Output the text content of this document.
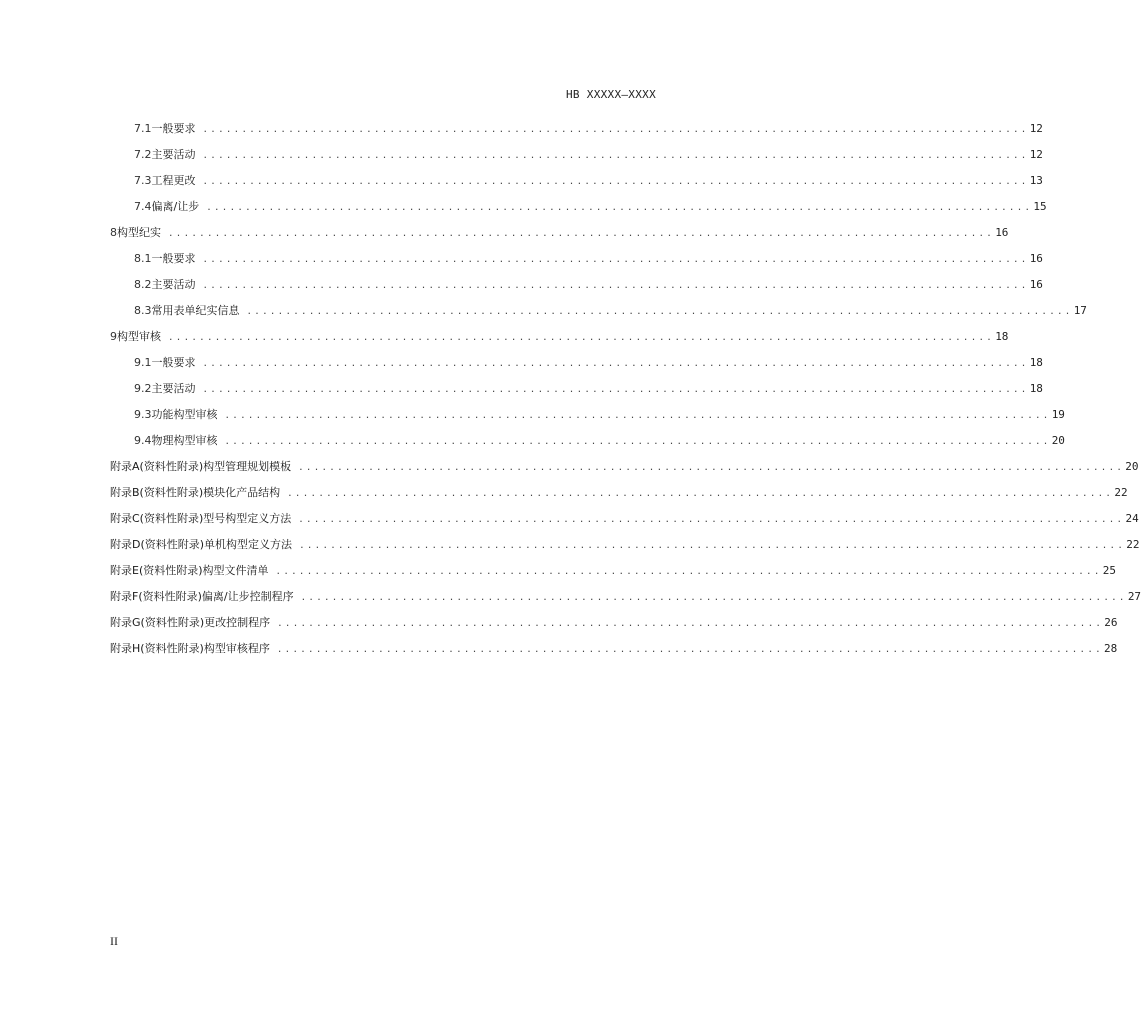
HB XXXXX—XXXX
7.1 一般要求 . . . . . . . . . . . . . . . . . . . . . . . . . . . . . . . . . . . . . . . . . . . . . . . . . . . . . . . . . . . . . . . . . . . . . . . . . . . . . . . . . . . . . . . . . . . . . . . . . . . . . . . . . . 12
7.2 主要活动 . . . . . . . . . . . . . . . . . . . . . . . . . . . . . . . . . . . . . . . . . . . . . . . . . . . . . . . . . . . . . . . . . . . . . . . . . . . . . . . . . . . . . . . . . . . . . . . . . . . . . . . . . . 12
7.3 工程更改 . . . . . . . . . . . . . . . . . . . . . . . . . . . . . . . . . . . . . . . . . . . . . . . . . . . . . . . . . . . . . . . . . . . . . . . . . . . . . . . . . . . . . . . . . . . . . . . . . . . . . . . . . . 13
7.4 偏离/让步 . . . . . . . . . . . . . . . . . . . . . . . . . . . . . . . . . . . . . . . . . . . . . . . . . . . . . . . . . . . . . . . . . . . . . . . . . . . . . . . . . . . . . . . . . . . . . . . . . . . . . . . . . . 15
8 构型纪实 . . . . . . . . . . . . . . . . . . . . . . . . . . . . . . . . . . . . . . . . . . . . . . . . . . . . . . . . . . . . . . . . . . . . . . . . . . . . . . . . . . . . . . . . . . . . . . . . . . . . . . . . . . 16
8.1 一般要求 . . . . . . . . . . . . . . . . . . . . . . . . . . . . . . . . . . . . . . . . . . . . . . . . . . . . . . . . . . . . . . . . . . . . . . . . . . . . . . . . . . . . . . . . . . . . . . . . . . . . . . . . . . 16
8.2 主要活动 . . . . . . . . . . . . . . . . . . . . . . . . . . . . . . . . . . . . . . . . . . . . . . . . . . . . . . . . . . . . . . . . . . . . . . . . . . . . . . . . . . . . . . . . . . . . . . . . . . . . . . . . . . 16
8.3 常用表单纪实信息 . . . . . . . . . . . . . . . . . . . . . . . . . . . . . . . . . . . . . . . . . . . . . . . . . . . . . . . . . . . . . . . . . . . . . . . . . . . . . . . . . . . . . . . . . . . . . . . . . . . . . . . . . . 17
9 构型审核 . . . . . . . . . . . . . . . . . . . . . . . . . . . . . . . . . . . . . . . . . . . . . . . . . . . . . . . . . . . . . . . . . . . . . . . . . . . . . . . . . . . . . . . . . . . . . . . . . . . . . . . . . . 18
9.1 一般要求 . . . . . . . . . . . . . . . . . . . . . . . . . . . . . . . . . . . . . . . . . . . . . . . . . . . . . . . . . . . . . . . . . . . . . . . . . . . . . . . . . . . . . . . . . . . . . . . . . . . . . . . . . . 18
9.2 主要活动 . . . . . . . . . . . . . . . . . . . . . . . . . . . . . . . . . . . . . . . . . . . . . . . . . . . . . . . . . . . . . . . . . . . . . . . . . . . . . . . . . . . . . . . . . . . . . . . . . . . . . . . . . . 18
9.3 功能构型审核 . . . . . . . . . . . . . . . . . . . . . . . . . . . . . . . . . . . . . . . . . . . . . . . . . . . . . . . . . . . . . . . . . . . . . . . . . . . . . . . . . . . . . . . . . . . . . . . . . . . . . . . . . . 19
9.4 物理构型审核 . . . . . . . . . . . . . . . . . . . . . . . . . . . . . . . . . . . . . . . . . . . . . . . . . . . . . . . . . . . . . . . . . . . . . . . . . . . . . . . . . . . . . . . . . . . . . . . . . . . . . . . . . . 20
附录A(资料性附录)构型管理规划模板 . . . . . . . . . . . . . . . . . . . . . . . . . . . . . . . . . . . . . . . . . . . . . . . . . . . . . . . . . . . . . . . . . . . . . . . . . . . . . . . . . . . . . . . . . . . . . . . . . . . . . . . . . . 20
附录B(资料性附录)模块化产品结构 . . . . . . . . . . . . . . . . . . . . . . . . . . . . . . . . . . . . . . . . . . . . . . . . . . . . . . . . . . . . . . . . . . . . . . . . . . . . . . . . . . . . . . . . . . . . . . . . . . . . . . . . . . 22
附录C(资料性附录)型号构型定义方法 . . . . . . . . . . . . . . . . . . . . . . . . . . . . . . . . . . . . . . . . . . . . . . . . . . . . . . . . . . . . . . . . . . . . . . . . . . . . . . . . . . . . . . . . . . . . . . . . . . . . . . . . . . 24
附录D(资料性附录)单机构型定义方法 . . . . . . . . . . . . . . . . . . . . . . . . . . . . . . . . . . . . . . . . . . . . . . . . . . . . . . . . . . . . . . . . . . . . . . . . . . . . . . . . . . . . . . . . . . . . . . . . . . . . . . . . . . 22
附录E(资料性附录)构型文件清单 . . . . . . . . . . . . . . . . . . . . . . . . . . . . . . . . . . . . . . . . . . . . . . . . . . . . . . . . . . . . . . . . . . . . . . . . . . . . . . . . . . . . . . . . . . . . . . . . . . . . . . . . . . 25
附录F(资料性附录)偏离/让步控制程序 . . . . . . . . . . . . . . . . . . . . . . . . . . . . . . . . . . . . . . . . . . . . . . . . . . . . . . . . . . . . . . . . . . . . . . . . . . . . . . . . . . . . . . . . . . . . . . . . . . . . . . . . . . 27
附录G(资料性附录)更改控制程序 . . . . . . . . . . . . . . . . . . . . . . . . . . . . . . . . . . . . . . . . . . . . . . . . . . . . . . . . . . . . . . . . . . . . . . . . . . . . . . . . . . . . . . . . . . . . . . . . . . . . . . . . . . 26
附录H(资料性附录)构型审核程序 . . . . . . . . . . . . . . . . . . . . . . . . . . . . . . . . . . . . . . . . . . . . . . . . . . . . . . . . . . . . . . . . . . . . . . . . . . . . . . . . . . . . . . . . . . . . . . . . . . . . . . . . . . 28
II
